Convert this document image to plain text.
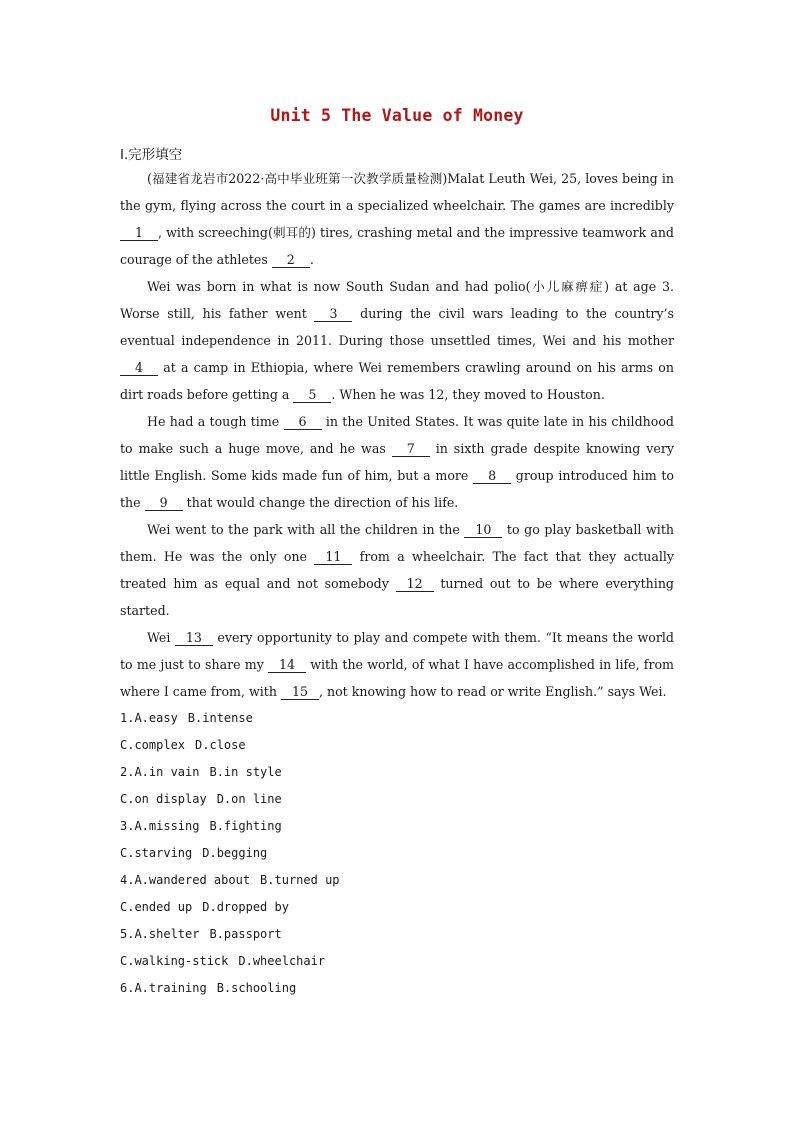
Unit 5 The Value of Money
Ⅰ.完形填空

(福建省龙岩市2022·高中毕业班第一次教学质量检测)Malat Leuth Wei, 25, loves being in the gym, flying across the court in a specialized wheelchair. The games are incredibly 1 , with screeching(刺耳的) tires, crashing metal and the impressive teamwork and courage of the athletes 2 .

Wei was born in what is now South Sudan and had polio(小儿麻痹症) at age 3. Worse still, his father went 3 during the civil wars leading to the country’s eventual independence in 2011. During those unsettled times, Wei and his mother 4 at a camp in Ethiopia, where Wei remembers crawling around on his arms on dirt roads before getting a 5 . When he was 12, they moved to Houston.

He had a tough time 6 in the United States. It was quite late in his childhood to make such a huge move, and he was 7 in sixth grade despite knowing very little English. Some kids made fun of him, but a more 8 group introduced him to the 9 that would change the direction of his life.

Wei went to the park with all the children in the 10 to go play basketball with them. He was the only one 11 from a wheelchair. The fact that they actually treated him as equal and not somebody 12 turned out to be where everything started.

Wei 13 every opportunity to play and compete with them. “It means the world to me just to share my 14 with the world, of what I have accomplished in life, from where I came from, with 15 , not knowing how to read or write English.” says Wei.

1.A.easy B.intense

C.complex D.close

2.A.in vain B.in style

C.on display D.on line

3.A.missing B.fighting

C.starving D.begging

4.A.wandered about B.turned up

C.ended up D.dropped by

5.A.shelter B.passport

C.walking-stick D.wheelchair

6.A.training B.schooling
